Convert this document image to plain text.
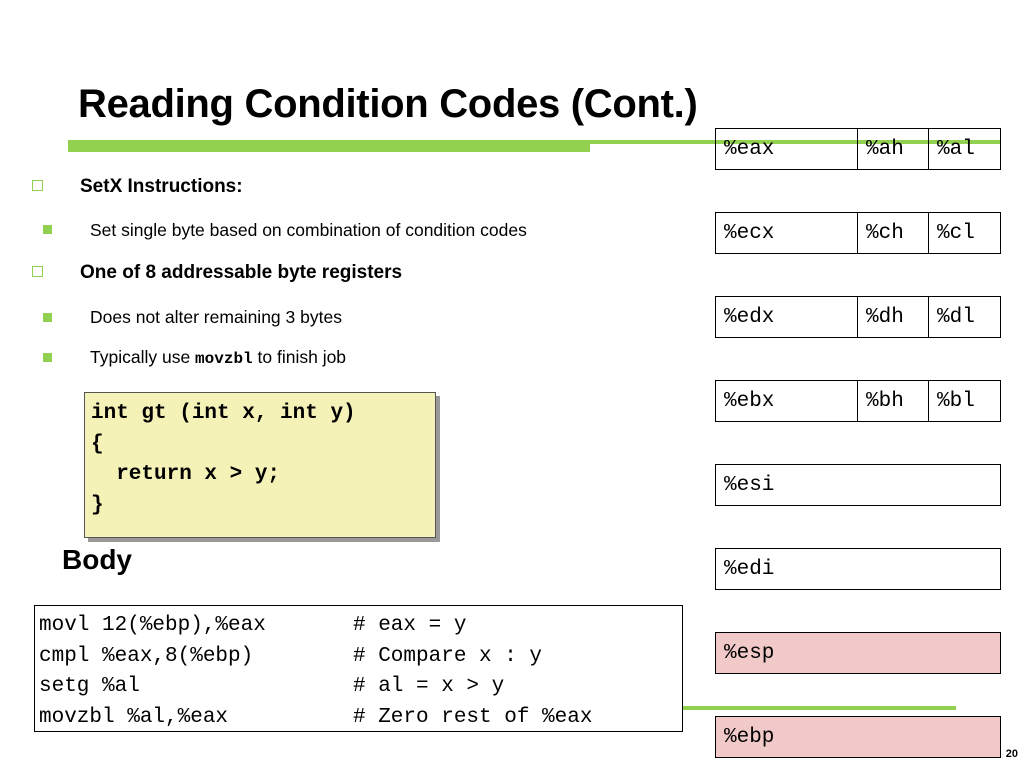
Reading Condition Codes (Cont.)
SetX Instructions:
Set single byte based on combination of condition codes
One of 8 addressable byte registers
Does not alter remaining 3 bytes
Typically use movzbl to finish job
int gt (int x, int y)
{
return x > y;
}
Body
movl 12(%ebp),%eax	# eax = y
cmpl %eax,8(%ebp)	# Compare x : y
setg %al	# al = x > y
movzbl %al,%eax	# Zero rest of %eax
%eax	%ah	%al
%ecx	%ch	%cl
%edx	%dh	%dl
%ebx	%bh	%bl
%esi
%edi
%esp
%ebp
20
